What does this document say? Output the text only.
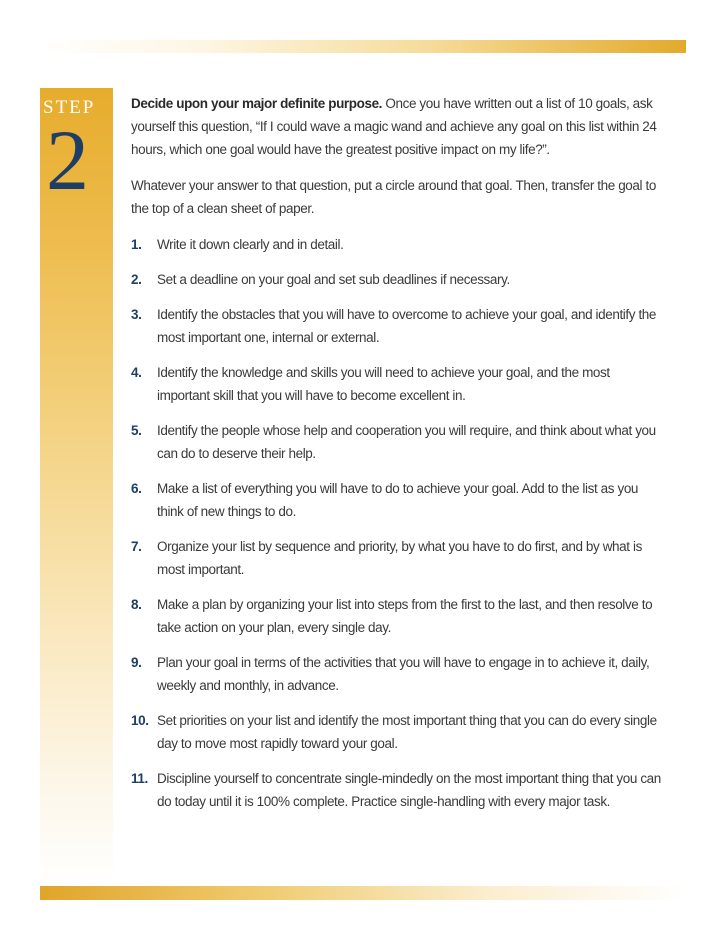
STEP
2

Decide upon your major definite purpose. Once you have written out a list of 10 goals, ask yourself this question, “If I could wave a magic wand and achieve any goal on this list within 24 hours, which one goal would have the greatest positive impact on my life?”.

Whatever your answer to that question, put a circle around that goal. Then, transfer the goal to the top of a clean sheet of paper.

1. Write it down clearly and in detail.
2. Set a deadline on your goal and set sub deadlines if necessary.
3. Identify the obstacles that you will have to overcome to achieve your goal, and identify the most important one, internal or external.
4. Identify the knowledge and skills you will need to achieve your goal, and the most important skill that you will have to become excellent in.
5. Identify the people whose help and cooperation you will require, and think about what you can do to deserve their help.
6. Make a list of everything you will have to do to achieve your goal. Add to the list as you think of new things to do.
7. Organize your list by sequence and priority, by what you have to do first, and by what is most important.
8. Make a plan by organizing your list into steps from the first to the last, and then resolve to take action on your plan, every single day.
9. Plan your goal in terms of the activities that you will have to engage in to achieve it, daily, weekly and monthly, in advance.
10. Set priorities on your list and identify the most important thing that you can do every single day to move most rapidly toward your goal.
11. Discipline yourself to concentrate single-mindedly on the most important thing that you can do today until it is 100% complete. Practice single-handling with every major task.
